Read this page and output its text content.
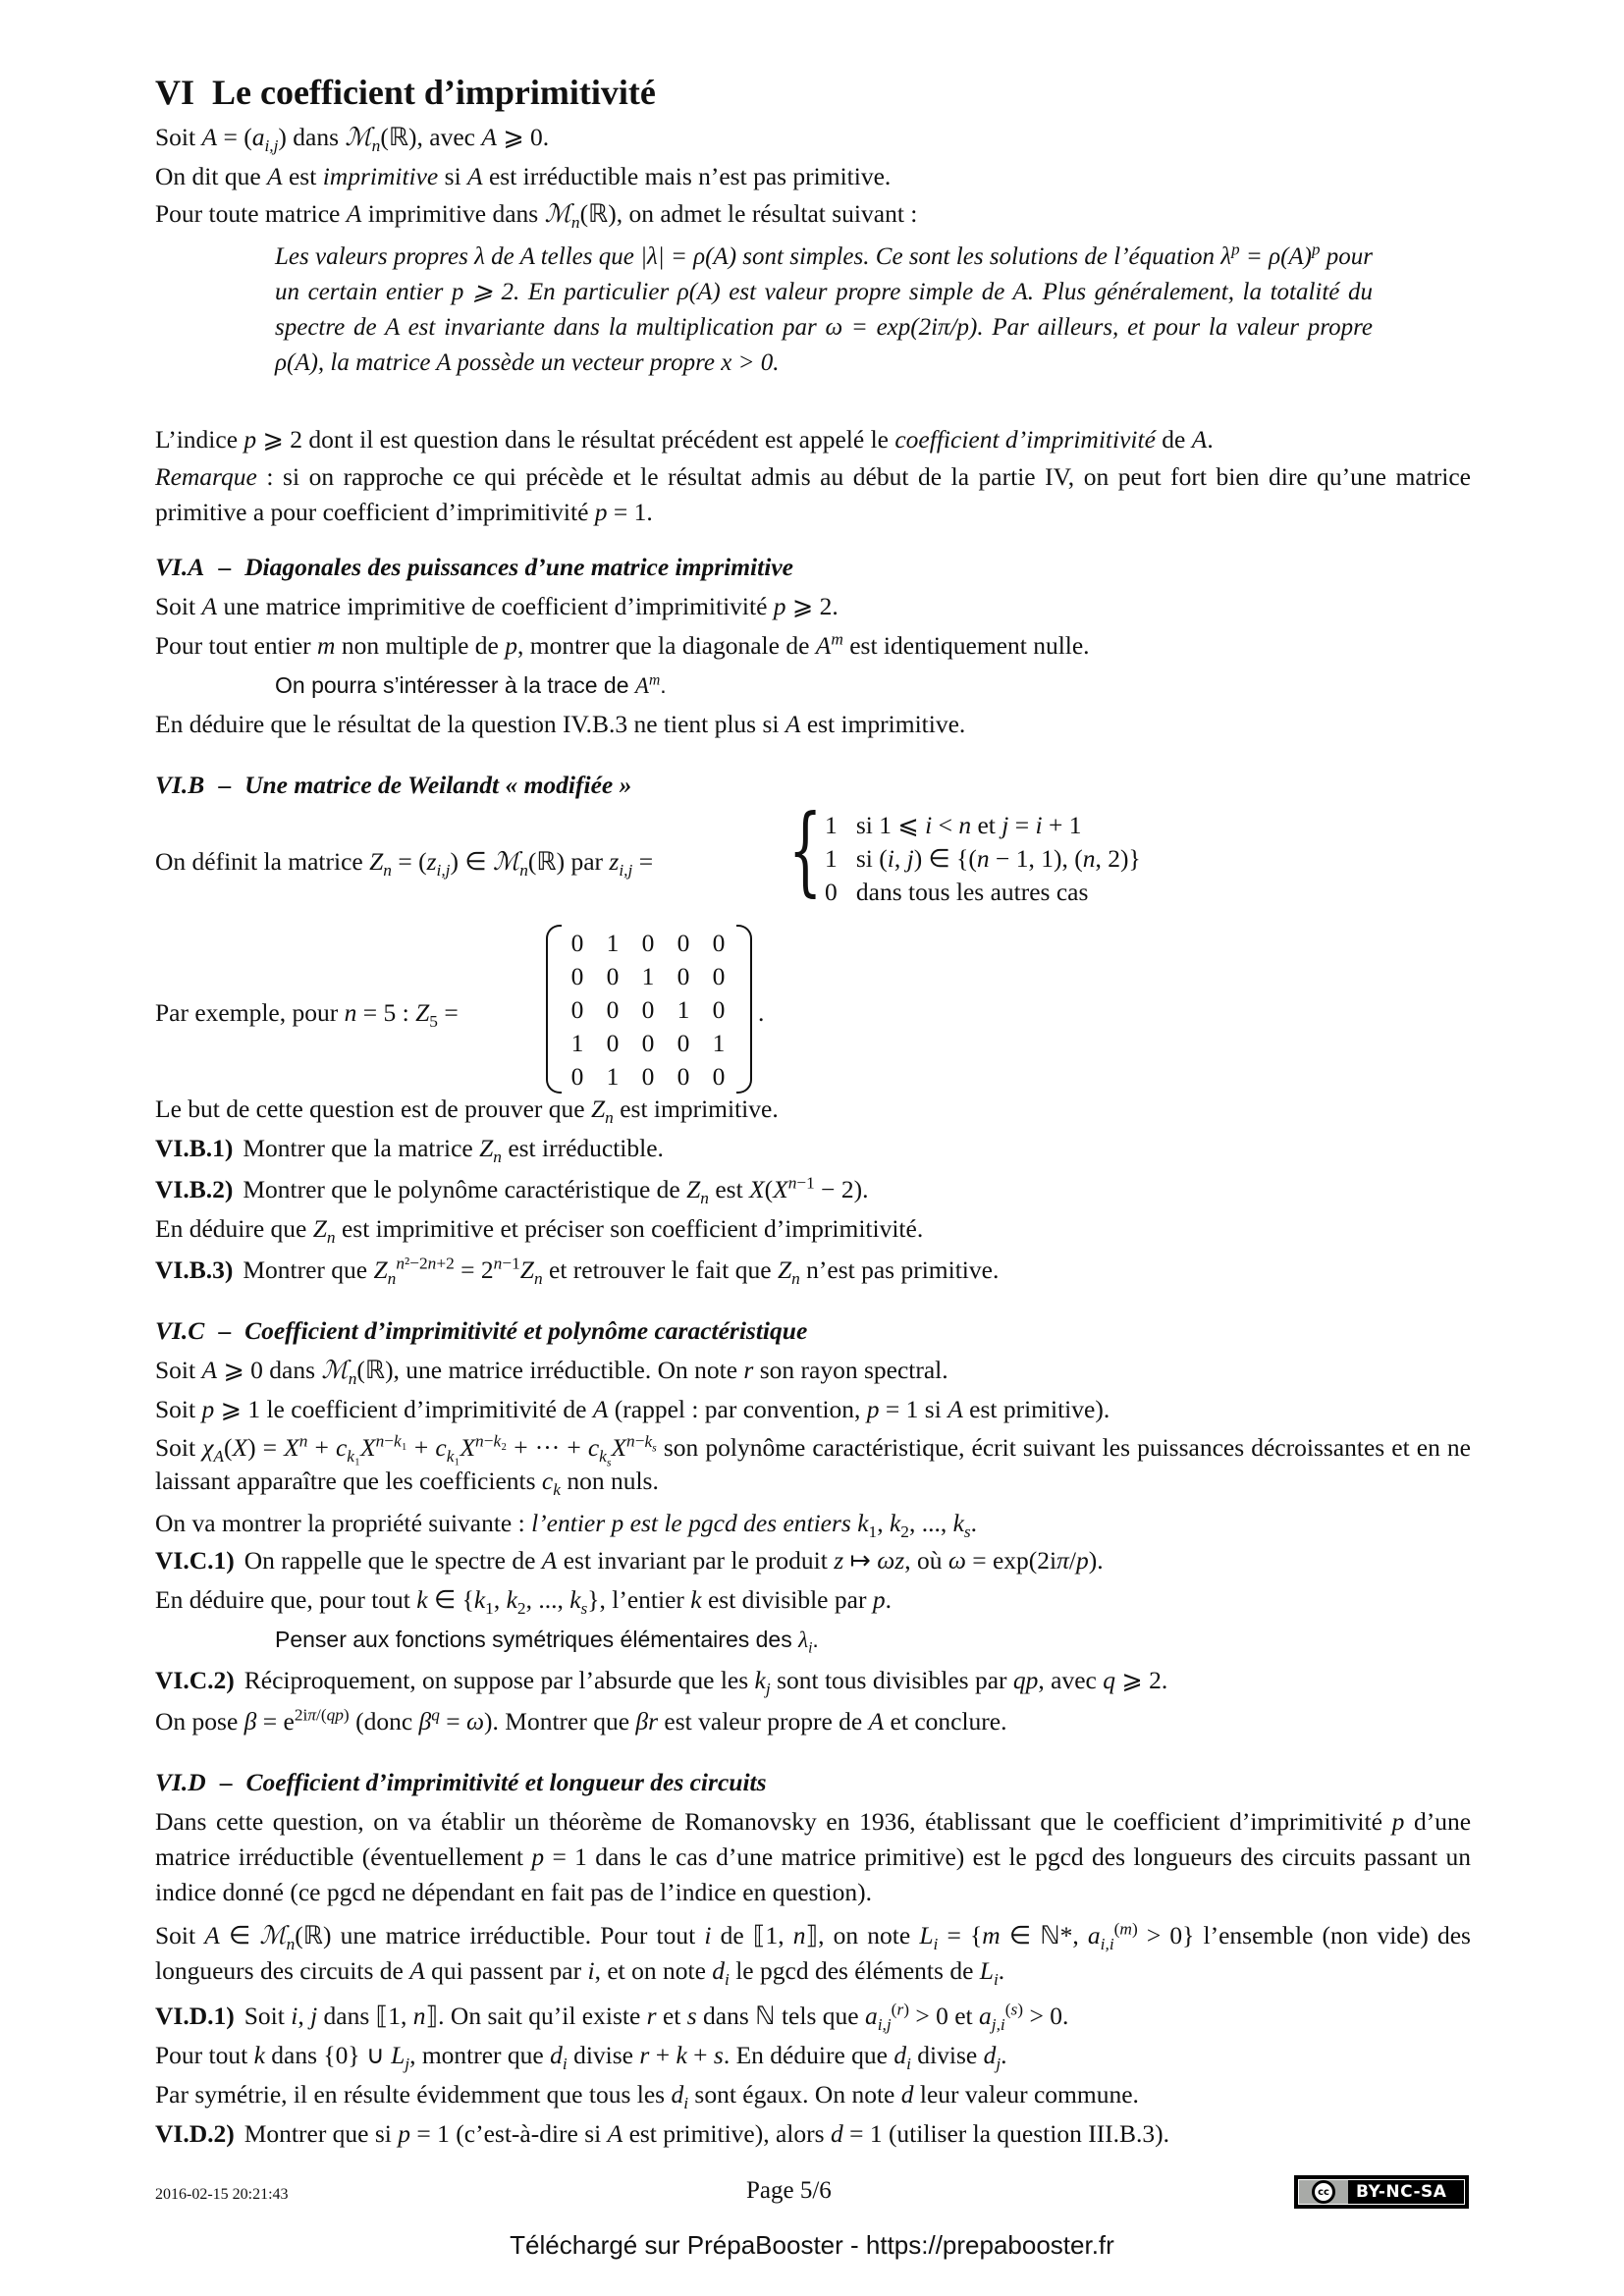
VI Le coefficient d’imprimitivité
Soit $A = (a_{i,j})$ dans ℳ$_n$(ℝ), avec A ⩾ 0.
On dit que A est imprimitive si A est irréductible mais n’est pas primitive.
Pour toute matrice A imprimitive dans ℳ$_n$(ℝ), on admet le résultat suivant :
Les valeurs propres λ de A telles que |λ| = ρ(A) sont simples. Ce sont les solutions de l’équation $\lambda^p = \rho(A)^p$ pour un certain entier p ⩾ 2. En particulier ρ(A) est valeur propre simple de A. Plus généralement, la totalité du spectre de A est invariante dans la multiplication par ω = exp(2iπ/p). Par ailleurs, et pour la valeur propre ρ(A), la matrice A possède un vecteur propre x > 0.
L’indice p ⩾ 2 dont il est question dans le résultat précédent est appelé le coefficient d’imprimitivité de A.
Remarque : si on rapproche ce qui précède et le résultat admis au début de la partie IV, on peut fort bien dire qu’une matrice primitive a pour coefficient d’imprimitivité p = 1.
VI.A – Diagonales des puissances d’une matrice imprimitive
Soit A une matrice imprimitive de coefficient d’imprimitivité p ⩾ 2.
Pour tout entier m non multiple de p, montrer que la diagonale de $A^m$ est identiquement nulle.
On pourra s’intéresser à la trace de $A^m$.
En déduire que le résultat de la question IV.B.3 ne tient plus si A est imprimitive.
VI.B – Une matrice de Weilandt « modifiée »
On définit la matrice $Z_n = (z_{i,j})$ ∈ ℳ$_n$(ℝ) par $z_{i,j}$ = { 1   si 1 ⩽ i < n et j = i + 1
1   si (i, j) ∈ {(n − 1, 1), (n, 2)}
0 dans tous les autres cas
Par exemple, pour n = 5 : $Z_5$ =
0 1 0 0 0
0 0 1 0 0
0 0 0 1 0
1 0 0 0 1
0 1 0 0 0
.
Le but de cette question est de prouver que $Z_n$ est imprimitive.
VI.B.1) Montrer que la matrice $Z_n$ est irréductible.
VI.B.2) Montrer que le polynôme caractéristique de $Z_n$ est $X(X^{n-1} - 2)$.
En déduire que $Z_n$ est imprimitive et préciser son coefficient d’imprimitivité.
VI.B.3) Montrer que $Z_n^{n^2-2n+2} = 2^{n-1}Z_n$ et retrouver le fait que $Z_n$ n’est pas primitive.
VI.C – Coefficient d’imprimitivité et polynôme caractéristique
Soit A ⩾ 0 dans ℳ$_n$(ℝ), une matrice irréductible. On note r son rayon spectral.
Soit p ⩾ 1 le coefficient d’imprimitivité de A (rappel : par convention, p = 1 si A est primitive).
Soit $\chi_A(X) = X^n + c_{k_1}X^{n-k_1} + c_{k_1}X^{n-k_2}$ + ··· + $c_{k_s}X^{n-k_s}$ son polynôme caractéristique, écrit suivant les puissances décroissantes et en ne laissant apparaître que les coefficients $c_k$ non nuls.
On va montrer la propriété suivante : l’entier p est le pgcd des entiers $k_1$, $k_2$, ..., $k_s$.
VI.C.1) On rappelle que le spectre de A est invariant par le produit z ↦ ωz, où ω = exp(2iπ/p).
En déduire que, pour tout k ∈ {$k_1$, $k_2$, ..., $k_s$}, l’entier k est divisible par p.
Penser aux fonctions symétriques élémentaires des $\lambda_i$.
VI.C.2) Réciproquement, on suppose par l’absurde que les $k_j$ sont tous divisibles par qp, avec q ⩾ 2.
On pose $\beta = e^{2i\pi/(qp)}$ (donc $\beta^q = \omega$). Montrer que βr est valeur propre de A et conclure.
VI.D – Coefficient d’imprimitivité et longueur des circuits
Dans cette question, on va établir un théorème de Romanovsky en 1936, établissant que le coefficient d’imprimitivité p d’une matrice irréductible (éventuellement p = 1 dans le cas d’une matrice primitive) est le pgcd des longueurs des circuits passant un indice donné (ce pgcd ne dépendant en fait pas de l’indice en question).
Soit A ∈ ℳ$_n$(ℝ) une matrice irréductible. Pour tout i de ⟦1, n⟧, on note $L_i = \{m$ ∈ ℕ*, $a_{i,i}^{(m)} > 0$} l’ensemble (non vide) des longueurs des circuits de A qui passent par i, et on note $d_i$ le pgcd des éléments de $L_i$.
VI.D.1) Soit i, j dans ⟦1, n⟧. On sait qu’il existe r et s dans ℕ tels que $a_{i,j}^{(r)} > 0$ et $a_{j,i}^{(s)} > 0$.
Pour tout k dans {0} ∪ $L_j$, montrer que $d_i$ divise r + k + s. En déduire que $d_i$ divise $d_j$.
Par symétrie, il en résulte évidemment que tous les $d_i$ sont égaux. On note d leur valeur commune.
VI.D.2) Montrer que si p = 1 (c’est-à-dire si A est primitive), alors d = 1 (utiliser la question III.B.3).
2016-02-15 20:21:43	Page 5/6	cc	BY-NC-SA
Téléchargé sur PrépaBooster - https://prepabooster.fr
